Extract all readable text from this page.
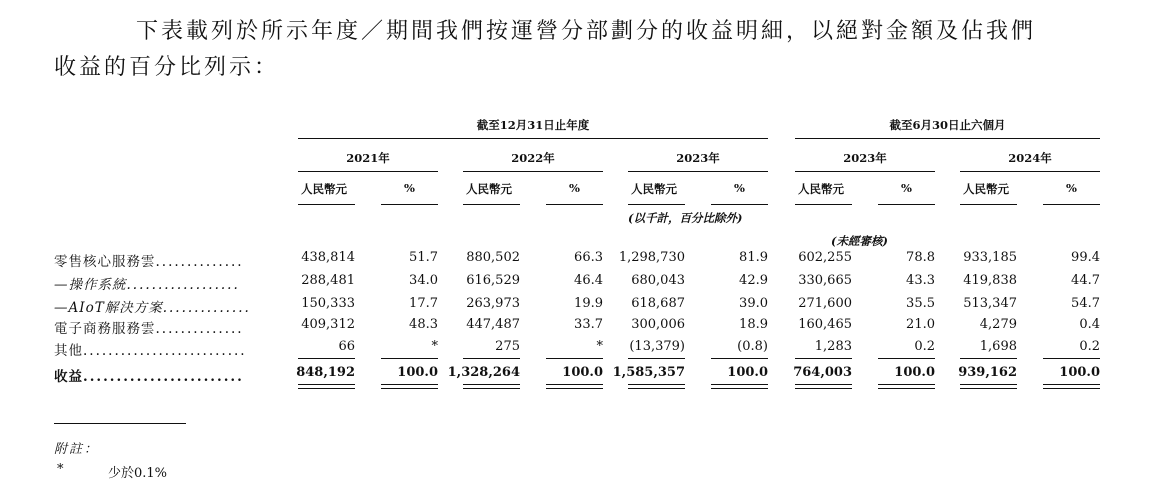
下表載列於所示年度／期間我們按運營分部劃分的收益明細，以絕對金額及佔我們
收益的百分比列示：
截至12月31日止年度	截至6月30日止六個月
2021年	2022年	2023年	2023年	2024年
人民幣元	%	人民幣元	%	人民幣元	%	人民幣元	%	人民幣元	%
(以千計，百分比除外)
(未經審核)
零售核心服務雲..............	438,814	51.7	880,502	66.3	1,298,730	81.9	602,255	78.8	933,185	99.4
—操作系統..................	288,481	34.0	616,529	46.4	680,043	42.9	330,665	43.3	419,838	44.7
—AIoT解決方案..............	150,333	17.7	263,973	19.9	618,687	39.0	271,600	35.5	513,347	54.7
電子商務服務雲..............	409,312	48.3	447,487	33.7	300,006	18.9	160,465	21.0	4,279	0.4
其他..........................	66	*	275	*	(13,379)	(0.8)	1,283	0.2	1,698	0.2
收益........................	848,192	100.0 1,328,264	100.0 1,585,357	100.0	764,003	100.0	939,162	100.0
附註：
*	少於0.1%
